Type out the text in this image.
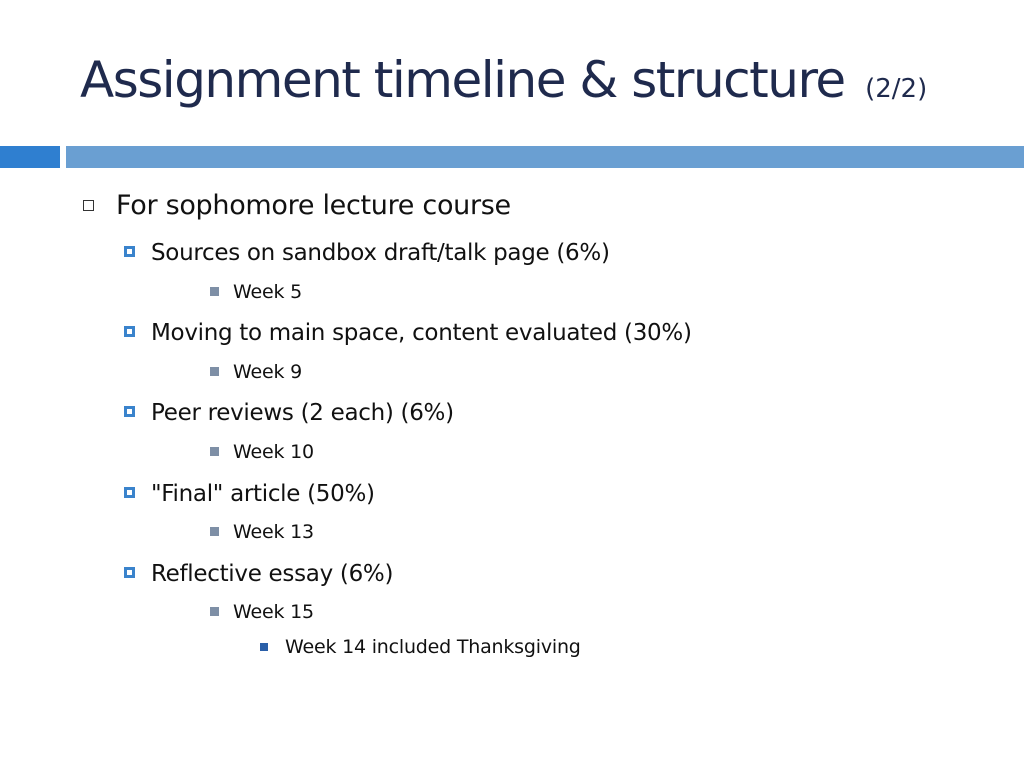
Assignment timeline & structure (2/2)
For sophomore lecture course
Sources on sandbox draft/talk page (6%)
Week 5
Moving to main space, content evaluated (30%)
Week 9
Peer reviews (2 each) (6%)
Week 10
"Final" article (50%)
Week 13
Reflective essay (6%)
Week 15
Week 14 included Thanksgiving
